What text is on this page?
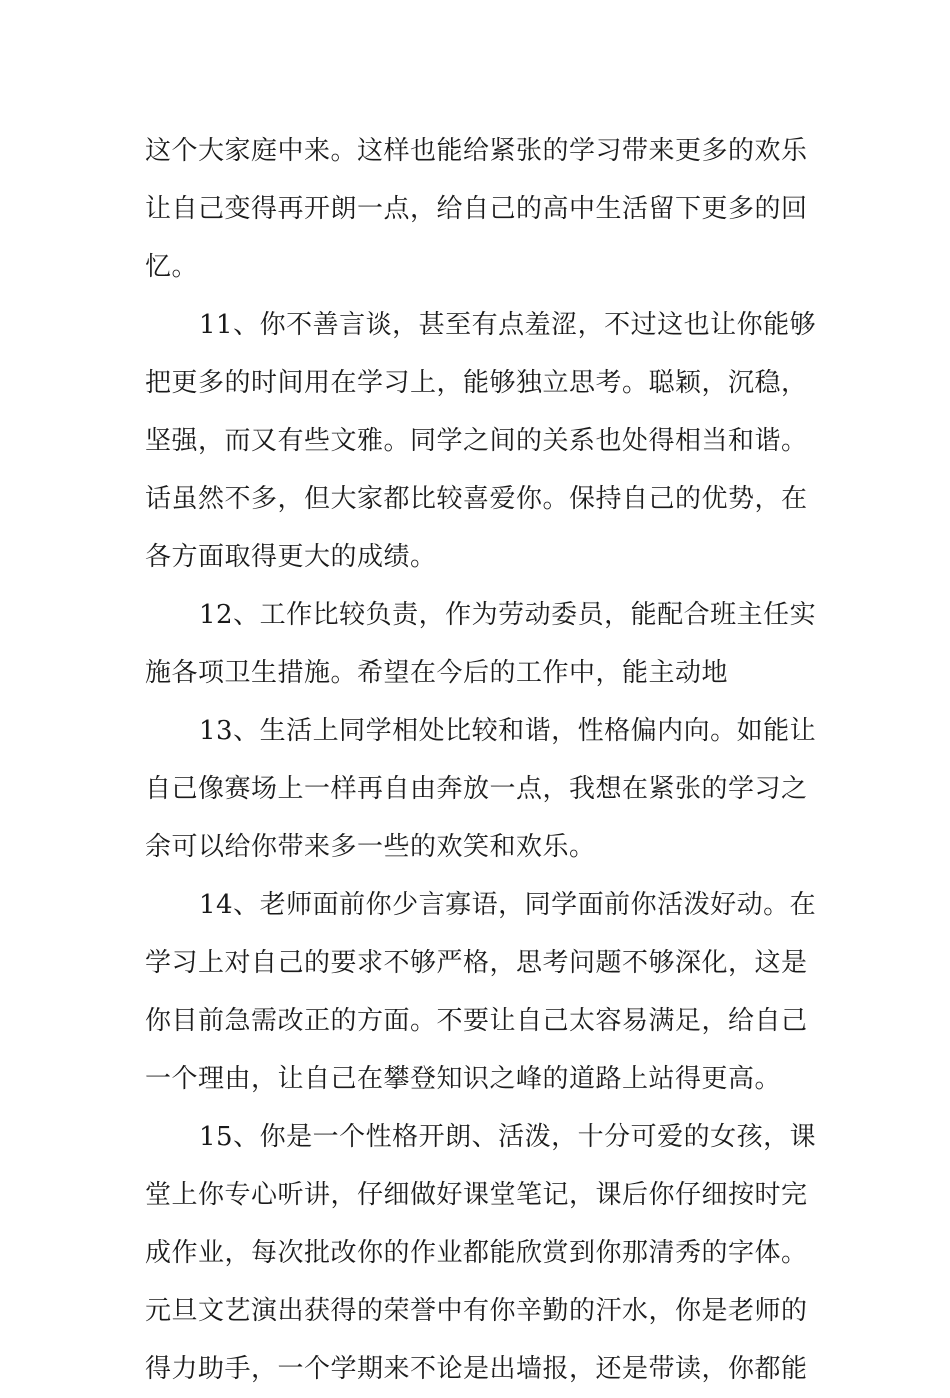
这个大家庭中来。这样也能给紧张的学习带来更多的欢乐
让自己变得再开朗一点，给自己的高中生活留下更多的回
忆。
11、你不善言谈，甚至有点羞涩，不过这也让你能够
把更多的时间用在学习上，能够独立思考。聪颖，沉稳，
坚强，而又有些文雅。同学之间的关系也处得相当和谐。
话虽然不多，但大家都比较喜爱你。保持自己的优势，在
各方面取得更大的成绩。
12、工作比较负责，作为劳动委员，能配合班主任实
施各项卫生措施。希望在今后的工作中，能主动地
13、生活上同学相处比较和谐，性格偏内向。如能让
自己像赛场上一样再自由奔放一点，我想在紧张的学习之
余可以给你带来多一些的欢笑和欢乐。
14、老师面前你少言寡语，同学面前你活泼好动。在
学习上对自己的要求不够严格，思考问题不够深化，这是
你目前急需改正的方面。不要让自己太容易满足，给自己
一个理由，让自己在攀登知识之峰的道路上站得更高。
15、你是一个性格开朗、活泼，十分可爱的女孩，课
堂上你专心听讲，仔细做好课堂笔记，课后你仔细按时完
成作业，每次批改你的作业都能欣赏到你那清秀的字体。
元旦文艺演出获得的荣誉中有你辛勤的汗水，你是老师的
得力助手，一个学期来不论是出墙报，还是带读，你都能
